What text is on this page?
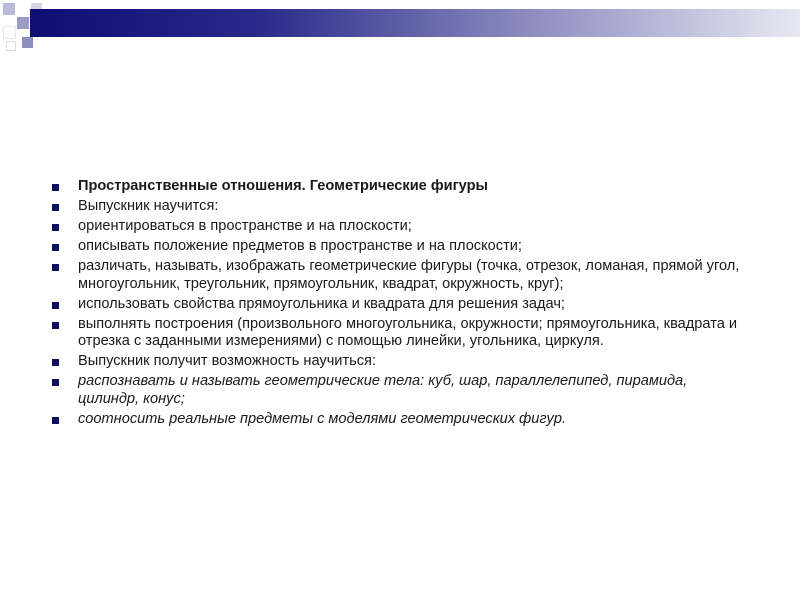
Пространственные отношения. Геометрические фигуры
Выпускник научится:
ориентироваться в пространстве и на плоскости;
описывать положение предметов в пространстве и на плоскости;
различать, называть, изображать геометрические фигуры (точка, отрезок, ломаная, прямой угол, многоугольник, треугольник, прямоугольник, квадрат, окружность, круг);
использовать свойства прямоугольника и квадрата для решения задач;
выполнять построения (произвольного многоугольника, окружности; прямоугольника, квадрата и отрезка с заданными измерениями) с помощью линейки, угольника, циркуля.
Выпускник получит возможность научиться:
распознавать и называть геометрические тела: куб, шар, параллелепипед, пирамида, цилиндр, конус;
соотносить реальные предметы с моделями геометрических фигур.
